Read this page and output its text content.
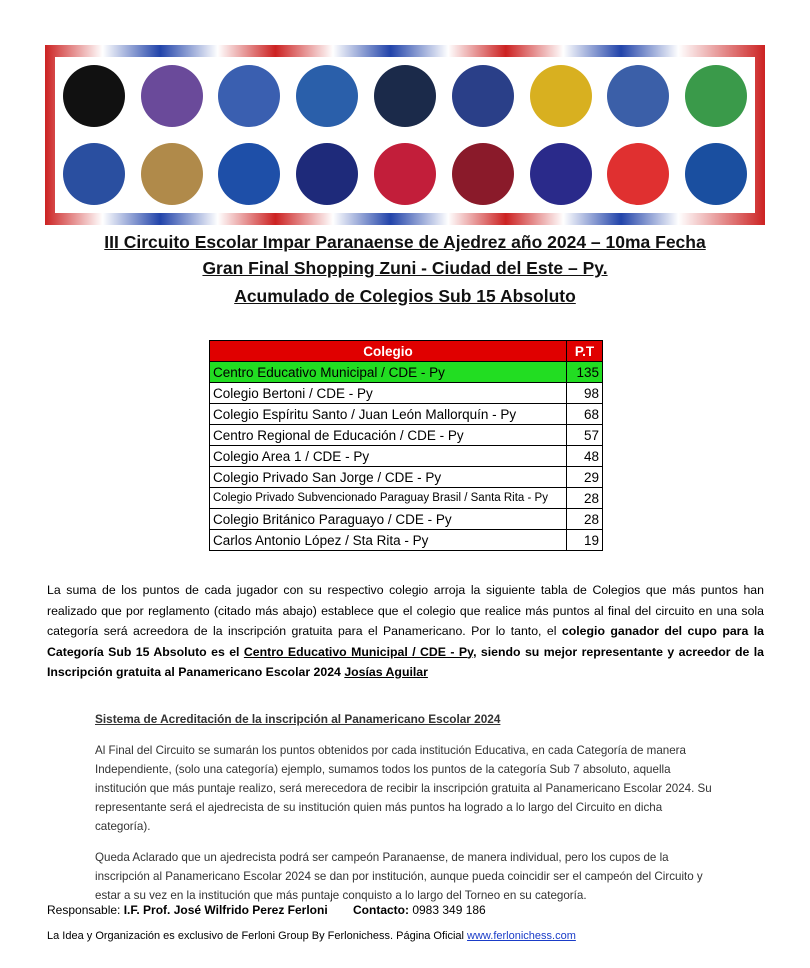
III Circuito Escolar Impar Paranaense de Ajedrez año 2024 – 10ma Fecha
Gran Final Shopping Zuni - Ciudad del Este – Py.
Acumulado de Colegios Sub 15 Absoluto
Colegio	P.T
Centro Educativo Municipal / CDE - Py	135
Colegio Bertoni / CDE - Py	98
Colegio Espíritu Santo / Juan León Mallorquín - Py	68
Centro Regional de Educación / CDE - Py	57
Colegio Area 1 / CDE - Py	48
Colegio Privado San Jorge / CDE - Py	29
Colegio Privado Subvencionado Paraguay Brasil / Santa Rita - Py	28
Colegio Británico Paraguayo / CDE - Py	28
Carlos Antonio López / Sta Rita - Py	19
La suma de los puntos de cada jugador con su respectivo colegio arroja la siguiente tabla de Colegios que más puntos han realizado que por reglamento (citado más abajo) establece que el colegio que realice más puntos al final del circuito en una sola categoría será acreedora de la inscripción gratuita para el Panamericano. Por lo tanto, el colegio ganador del cupo para la Categoría Sub 15 Absoluto es el Centro Educativo Municipal / CDE - Py, siendo su mejor representante y acreedor de la Inscripción gratuita al Panamericano Escolar 2024 Josías Aguilar
Sistema de Acreditación de la inscripción al Panamericano Escolar 2024

Al Final del Circuito se sumarán los puntos obtenidos por cada institución Educativa, en cada Categoría de manera Independiente, (solo una categoría) ejemplo, sumamos todos los puntos de la categoría Sub 7 absoluto, aquella institución que más puntaje realizo, será merecedora de recibir la inscripción gratuita al Panamericano Escolar 2024. Su representante será el ajedrecista de su institución quien más puntos ha logrado a lo largo del Circuito en dicha categoría).

Queda Aclarado que un ajedrecista podrá ser campeón Paranaense, de manera individual, pero los cupos de la inscripción al Panamericano Escolar 2024 se dan por institución, aunque pueda coincidir ser el campeón del Circuito y estar a su vez en la institución que más puntaje conquisto a lo largo del Torneo en su categoría.

Responsable: I.F. Prof. José Wilfrido Perez Ferloni Contacto: 0983 349 186
La Idea y Organización es exclusivo de Ferloni Group By Ferlonichess. Página Oficial www.ferlonichess.com
